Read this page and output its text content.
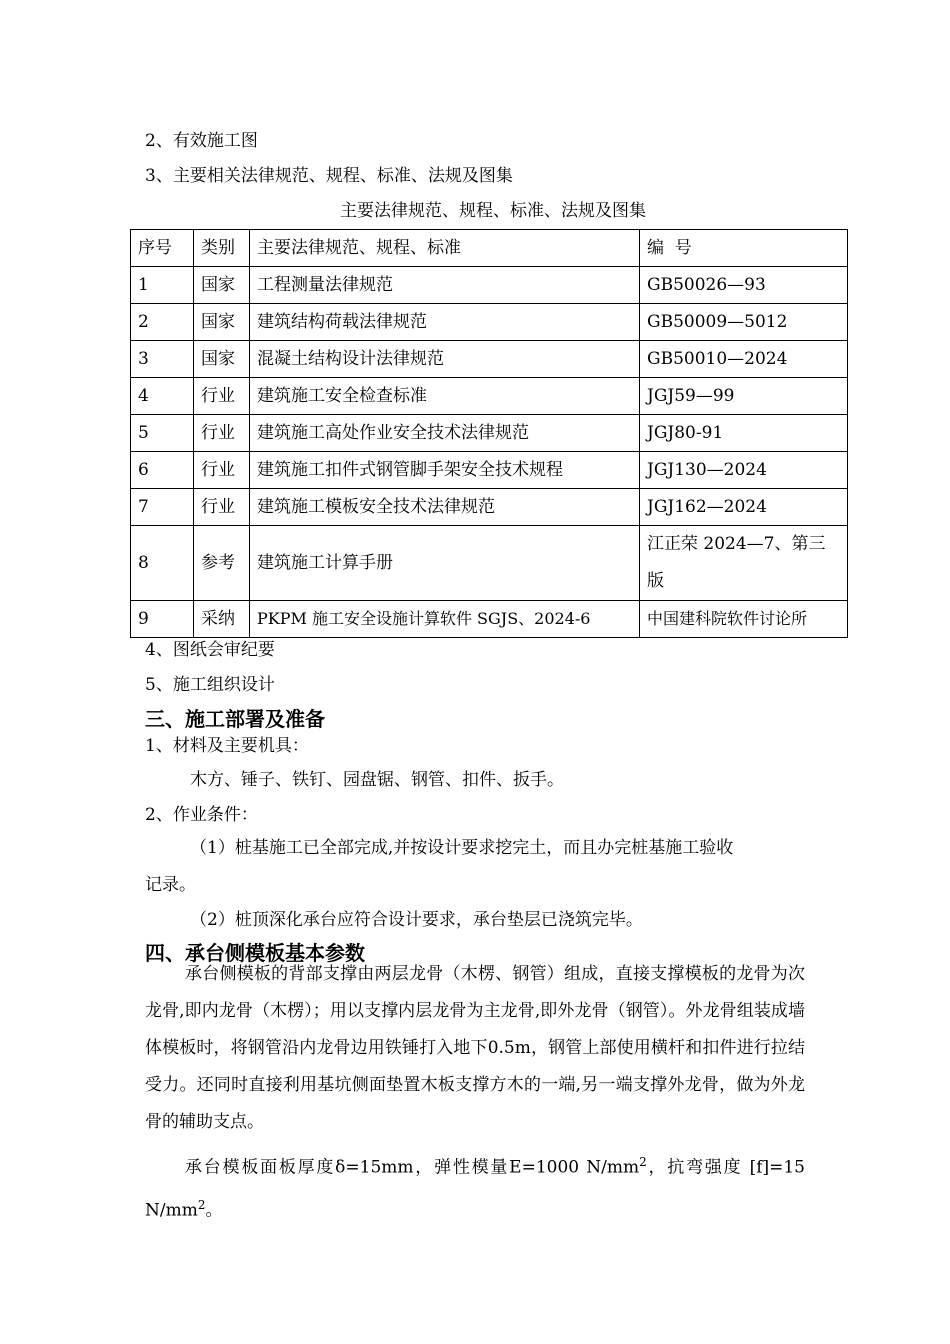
2、有效施工图
3、主要相关法律规范、规程、标准、法规及图集
主要法律规范、规程、标准、法规及图集
序号	类别	主要法律规范、规程、标准	编  号
1	国家	工程测量法律规范	GB50026—93
2	国家	建筑结构荷载法律规范	GB50009—5012
3	国家	混凝土结构设计法律规范	GB50010—2024
4	行业	建筑施工安全检查标准	JGJ59—99
5	行业	建筑施工高处作业安全技术法律规范	JGJ80-91
6	行业	建筑施工扣件式钢管脚手架安全技术规程	JGJ130—2024
7	行业	建筑施工模板安全技术法律规范	JGJ162—2024
8	参考	建筑施工计算手册	江正荣 2024—7、第三版
9	采纳	PKPM 施工安全设施计算软件 SGJS、2024-6	中国建科院软件讨论所
4、图纸会审纪要
5、施工组织设计
三、施工部署及准备
1、材料及主要机具：
木方、锤子、铁钉、园盘锯、钢管、扣件、扳手。
2、作业条件：
（1）桩基施工已全部完成,并按设计要求挖完土，而且办完桩基施工验收
记录。
（2）桩顶深化承台应符合设计要求，承台垫层已浇筑完毕。
四、承台侧模板基本参数
承台侧模板的背部支撑由两层龙骨（木楞、钢管）组成，直接支撑模板的龙骨为次龙骨,即内龙骨（木楞）；用以支撑内层龙骨为主龙骨,即外龙骨（钢管）。外龙骨组装成墙体模板时，将钢管沿内龙骨边用铁锤打入地下0.5m，钢管上部使用横杆和扣件进行拉结受力。还同时直接利用基坑侧面垫置木板支撑方木的一端,另一端支撑外龙骨，做为外龙骨的辅助支点。
承台模板面板厚度δ=15mm，弹性模量E=1000 $N/mm^2$，抗弯强度 [f]=15 $N/mm^2$。
